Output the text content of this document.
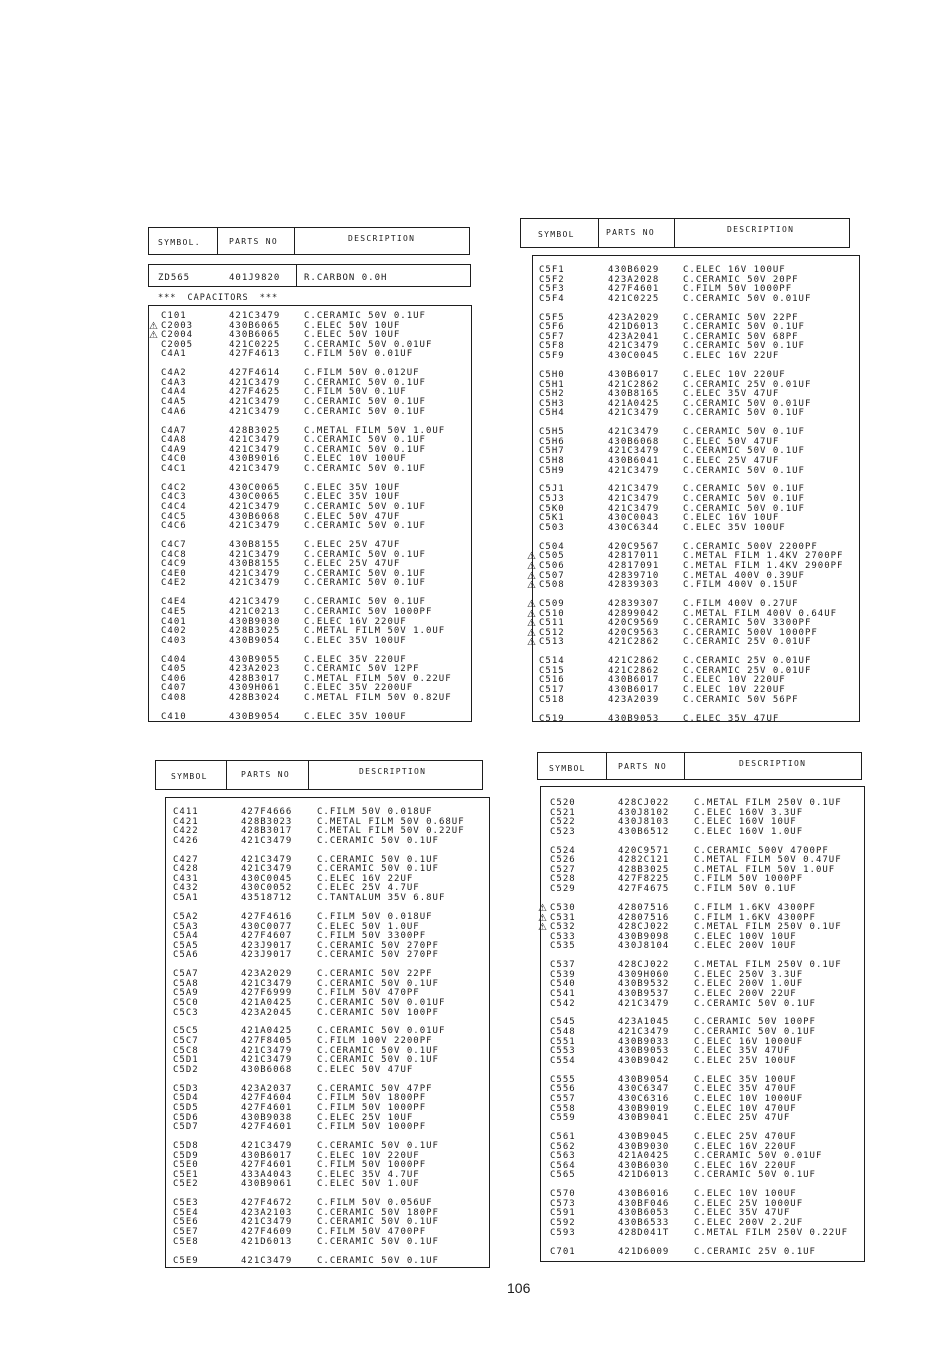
SYMBOL.	PARTS NO	DESCRIPTION
ZD565	401J9820	R.CARBON 0.0H
*** CAPACITORS ***
C101	421C3479	C.CERAMIC 50V 0.1UF
⚠ C2003	430B6065	C.ELEC 50V 10UF
⚠ C2004	430B6065	C.ELEC 50V 10UF
C2005	421C0225	C.CERAMIC 50V 0.01UF
C4A1	427F4613	C.FILM 50V 0.01UF
C4A2	427F4614	C.FILM 50V 0.012UF
C4A3	421C3479	C.CERAMIC 50V 0.1UF
C4A4	427F4625	C.FILM 50V 0.1UF
C4A5	421C3479	C.CERAMIC 50V 0.1UF
C4A6	421C3479	C.CERAMIC 50V 0.1UF
C4A7	428B3025	C.METAL FILM 50V 1.0UF
C4A8	421C3479	C.CERAMIC 50V 0.1UF
C4A9	421C3479	C.CERAMIC 50V 0.1UF
C4C0	430B9016	C.ELEC 10V 100UF
C4C1	421C3479	C.CERAMIC 50V 0.1UF
C4C2	430C0065	C.ELEC 35V 10UF
C4C3	430C0065	C.ELEC 35V 10UF
C4C4	421C3479	C.CERAMIC 50V 0.1UF
C4C5	430B6068	C.ELEC 50V 47UF
C4C6	421C3479	C.CERAMIC 50V 0.1UF
C4C7	430B8155	C.ELEC 25V 47UF
C4C8	421C3479	C.CERAMIC 50V 0.1UF
C4C9	430B8155	C.ELEC 25V 47UF
C4E0	421C3479	C.CERAMIC 50V 0.1UF
C4E2	421C3479	C.CERAMIC 50V 0.1UF
C4E4	421C3479	C.CERAMIC 50V 0.1UF
C4E5	421C0213	C.CERAMIC 50V 1000PF
C401	430B9030	C.ELEC 16V 220UF
C402	428B3025	C.METAL FILM 50V 1.0UF
C403	430B9054	C.ELEC 35V 100UF
C404	430B9055	C.ELEC 35V 220UF
C405	423A2023	C.CERAMIC 50V 12PF
C406	428B3017	C.METAL FILM 50V 0.22UF
C407	4309H061	C.ELEC 35V 2200UF
C408	428B3024	C.METAL FILM 50V 0.82UF
C410	430B9054	C.ELEC 35V 100UF
SYMBOL	PARTS NO	DESCRIPTION
C5F1	430B6029	C.ELEC 16V 100UF
C5F2	423A2028	C.CERAMIC 50V 20PF
C5F3	427F4601	C.FILM 50V 1000PF
C5F4	421C0225	C.CERAMIC 50V 0.01UF
C5F5	423A2029	C.CERAMIC 50V 22PF
C5F6	421D6013	C.CERAMIC 50V 0.1UF
C5F7	423A2041	C.CERAMIC 50V 68PF
C5F8	421C3479	C.CERAMIC 50V 0.1UF
C5F9	430C0045	C.ELEC 16V 22UF
C5H0	430B6017	C.ELEC 10V 220UF
C5H1	421C2862	C.CERAMIC 25V 0.01UF
C5H2	430B8165	C.ELEC 35V 47UF
C5H3	421A0425	C.CERAMIC 50V 0.01UF
C5H4	421C3479	C.CERAMIC 50V 0.1UF
C5H5	421C3479	C.CERAMIC 50V 0.1UF
C5H6	430B6068	C.ELEC 50V 47UF
C5H7	421C3479	C.CERAMIC 50V 0.1UF
C5H8	430B6041	C.ELEC 25V 47UF
C5H9	421C3479	C.CERAMIC 50V 0.1UF
C5J1	421C3479	C.CERAMIC 50V 0.1UF
C5J3	421C3479	C.CERAMIC 50V 0.1UF
C5K0	421C3479	C.CERAMIC 50V 0.1UF
C5K1	430C0043	C.ELEC 16V 10UF
C503	430C6344	C.ELEC 35V 100UF
C504	420C9567	C.CERAMIC 500V 2200PF
⚠ C505	42817011	C.METAL FILM 1.4KV 2700PF
⚠ C506	42817091	C.METAL FILM 1.4KV 2900PF
⚠ C507	42839710	C.METAL 400V 0.39UF
⚠ C508	42839303	C.FILM 400V 0.15UF
⚠ C509	42839307	C.FILM 400V 0.27UF
⚠ C510	42899042	C.METAL FILM 400V 0.64UF
⚠ C511	420C9569	C.CERAMIC 50V 3300PF
⚠ C512	420C9563	C.CERAMIC 500V 1000PF
⚠ C513	421C2862	C.CERAMIC 25V 0.01UF
C514	421C2862	C.CERAMIC 25V 0.01UF
C515	421C2862	C.CERAMIC 25V 0.01UF
C516	430B6017	C.ELEC 10V 220UF
C517	430B6017	C.ELEC 10V 220UF
C518	423A2039	C.CERAMIC 50V 56PF
C519	430B9053	C.ELEC 35V 47UF
SYMBOL	PARTS NO	DESCRIPTION
C411	427F4666	C.FILM 50V 0.018UF
C421	428B3023	C.METAL FILM 50V 0.68UF
C422	428B3017	C.METAL FILM 50V 0.22UF
C426	421C3479	C.CERAMIC 50V 0.1UF
C427	421C3479	C.CERAMIC 50V 0.1UF
C428	421C3479	C.CERAMIC 50V 0.1UF
C431	430C0045	C.ELEC 16V 22UF
C432	430C0052	C.ELEC 25V 4.7UF
C5A1	43518712	C.TANTALUM 35V 6.8UF
C5A2	427F4616	C.FILM 50V 0.018UF
C5A3	430C0077	C.ELEC 50V 1.0UF
C5A4	427F4607	C.FILM 50V 3300PF
C5A5	423J9017	C.CERAMIC 50V 270PF
C5A6	423J9017	C.CERAMIC 50V 270PF
C5A7	423A2029	C.CERAMIC 50V 22PF
C5A8	421C3479	C.CERAMIC 50V 0.1UF
C5A9	427F6999	C.FILM 50V 470PF
C5C0	421A0425	C.CERAMIC 50V 0.01UF
C5C3	423A2045	C.CERAMIC 50V 100PF
C5C5	421A0425	C.CERAMIC 50V 0.01UF
C5C7	427F8405	C.FILM 100V 2200PF
C5C8	421C3479	C.CERAMIC 50V 0.1UF
C5D1	421C3479	C.CERAMIC 50V 0.1UF
C5D2	430B6068	C.ELEC 50V 47UF
C5D3	423A2037	C.CERAMIC 50V 47PF
C5D4	427F4604	C.FILM 50V 1800PF
C5D5	427F4601	C.FILM 50V 1000PF
C5D6	430B9038	C.ELEC 25V 10UF
C5D7	427F4601	C.FILM 50V 1000PF
C5D8	421C3479	C.CERAMIC 50V 0.1UF
C5D9	430B6017	C.ELEC 10V 220UF
C5E0	427F4601	C.FILM 50V 1000PF
C5E1	433A4043	C.ELEC 35V 4.7UF
C5E2	430B9061	C.ELEC 50V 1.0UF
C5E3	427F4672	C.FILM 50V 0.056UF
C5E4	423A2103	C.CERAMIC 50V 180PF
C5E6	421C3479	C.CERAMIC 50V 0.1UF
C5E7	427F4609	C.FILM 50V 4700PF
C5E8	421D6013	C.CERAMIC 50V 0.1UF
C5E9	421C3479	C.CERAMIC 50V 0.1UF
SYMBOL	PARTS NO	DESCRIPTION
C520	428CJ022	C.METAL FILM 250V 0.1UF
C521	430J8102	C.ELEC 160V 3.3UF
C522	430J8103	C.ELEC 160V 10UF
C523	430B6512	C.ELEC 160V 1.0UF
C524	420C9571	C.CERAMIC 500V 4700PF
C526	4282C121	C.METAL FILM 50V 0.47UF
C527	428B3025	C.METAL FILM 50V 1.0UF
C528	427F8225	C.FILM 50V 1000PF
C529	427F4675	C.FILM 50V 0.1UF
⚠ C530	42807516	C.FILM 1.6KV 4300PF
⚠ C531	42807516	C.FILM 1.6KV 4300PF
⚠ C532	428CJ022	C.METAL FILM 250V 0.1UF
C533	430B9098	C.ELEC 100V 10UF
C535	430J8104	C.ELEC 200V 10UF
C537	428CJ022	C.METAL FILM 250V 0.1UF
C539	4309H060	C.ELEC 250V 3.3UF
C540	430B9532	C.ELEC 200V 1.0UF
C541	430B9537	C.ELEC 200V 22UF
C542	421C3479	C.CERAMIC 50V 0.1UF
C545	423A1045	C.CERAMIC 50V 100PF
C548	421C3479	C.CERAMIC 50V 0.1UF
C551	430B9033	C.ELEC 16V 1000UF
C553	430B9053	C.ELEC 35V 47UF
C554	430B9042	C.ELEC 25V 100UF
C555	430B9054	C.ELEC 35V 100UF
C556	430C6347	C.ELEC 35V 470UF
C557	430C6316	C.ELEC 10V 1000UF
C558	430B9019	C.ELEC 10V 470UF
C559	430B9041	C.ELEC 25V 47UF
C561	430B9045	C.ELEC 25V 470UF
C562	430B9030	C.ELEC 16V 220UF
C563	421A0425	C.CERAMIC 50V 0.01UF
C564	430B6030	C.ELEC 16V 220UF
C565	421D6013	C.CERAMIC 50V 0.1UF
C570	430B6016	C.ELEC 10V 100UF
C573	430BF046	C.ELEC 25V 1000UF
C591	430B6053	C.ELEC 35V 47UF
C592	430B6533	C.ELEC 200V 2.2UF
C593	428D041T	C.METAL FILM 250V 0.22UF
C701	421D6009	C.CERAMIC 25V 0.1UF
106
